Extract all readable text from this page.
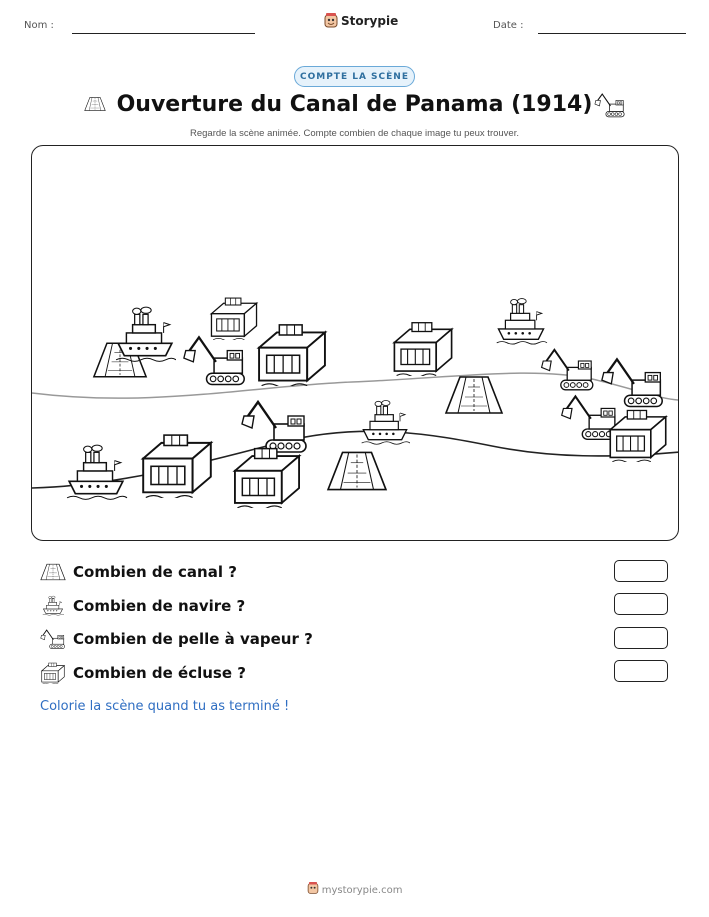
Nom :	Storypie	Date :
COMPTE LA SCÈNE
Ouverture du Canal de Panama (1914)
Regarde la scène animée. Compte combien de chaque image tu peux trouver.
Combien de canal ?
Combien de navire ?
Combien de pelle à vapeur ?
Combien de écluse ?
Colorie la scène quand tu as terminé !
mystorypie.com
